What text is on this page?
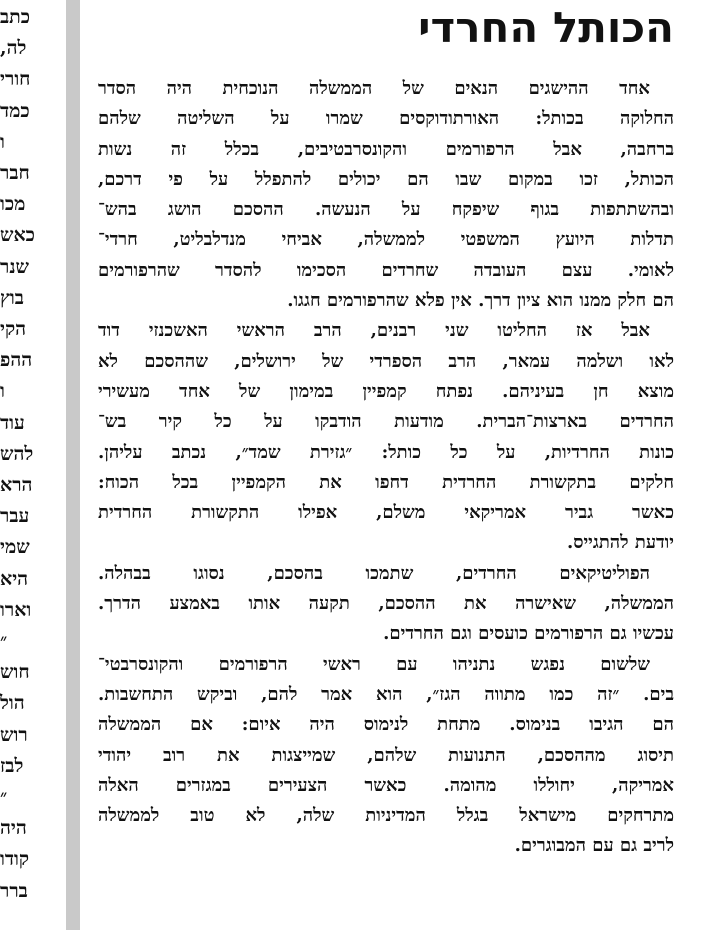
כתב
לה,
חורי
כמד
ו
חבר
מכו
כאש
שנר
בוץ
הקי
ההפ
ו
עוד
להש
הרא
עבר
שמי
היא
וארו
״
חוש
הול
רוש
לבז
״
היה
קודו
ברר
הכותל החרדי
אחד ההישגים הנאים של הממשלה הנוכחית היה הסדר
החלוקה בכותל: האורתודוקסים שמרו על השליטה שלהם
ברחבה, אבל הרפורמים והקונסרבטיבים, בכלל זה נשות
הכותל, זכו במקום שבו הם יכולים להתפלל על פי דרכם,
ובהשתתפות בגוף שיפקח על הנעשה. ההסכם הושג בהש־
תדלות היועץ המשפטי לממשלה, אביחי מנדלבליט, חרדי־
לאומי. עצם העובדה שחרדים הסכימו להסדר שהרפורמים
הם חלק ממנו הוא ציון דרך. אין פלא שהרפורמים חגגו.
אבל אז החליטו שני רבנים, הרב הראשי האשכנזי דוד
לאו ושלמה עמאר, הרב הספרדי של ירושלים, שההסכם לא
מוצא חן בעיניהם. נפתח קמפיין במימון של אחד מעשירי
החרדים בארצות־הברית. מודעות הודבקו על כל קיר בש־
כונות החרדיות, על כל כותל: ״גזירת שמד״, נכתב עליהן.
חלקים בתקשורת החרדית דחפו את הקמפיין בכל הכוח:
כאשר גביר אמריקאי משלם, אפילו התקשורת החרדית
יודעת להתגייס.
הפוליטיקאים החרדים, שתמכו בהסכם, נסוגו בבהלה.
הממשלה, שאישרה את ההסכם, תקעה אותו באמצע הדרך.
עכשיו גם הרפורמים כועסים וגם החרדים.
שלשום נפגש נתניהו עם ראשי הרפורמים והקונסרבטי־
בים. ״זה כמו מתווה הגז״, הוא אמר להם, וביקש התחשבות.
הם הגיבו בנימוס. מתחת לנימוס היה איום: אם הממשלה
תיסוג מההסכם, התנועות שלהם, שמייצגות את רוב יהודי
אמריקה, יחוללו מהומה. כאשר הצעירים במגזרים האלה
מתרחקים מישראל בגלל המדיניות שלה, לא טוב לממשלה
לריב גם עם המבוגרים.
